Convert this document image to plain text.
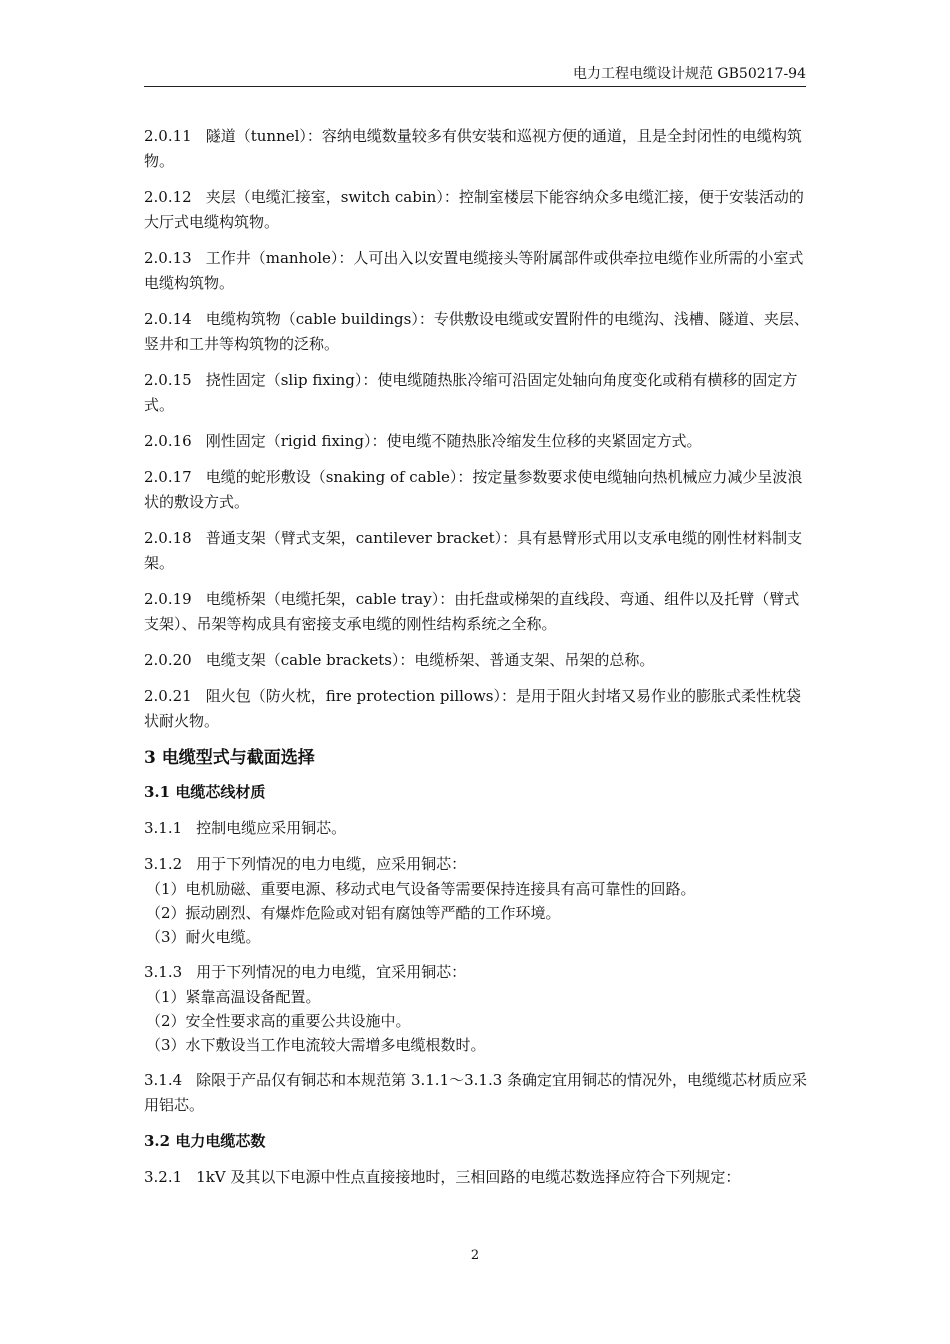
电力工程电缆设计规范 GB50217-94

2.0.11 隧道（tunnel）：容纳电缆数量较多有供安装和巡视方便的通道，且是全封闭性的电缆构筑物。

2.0.12 夹层（电缆汇接室，switch cabin）：控制室楼层下能容纳众多电缆汇接，便于安装活动的大厅式电缆构筑物。

2.0.13 工作井（manhole）：人可出入以安置电缆接头等附属部件或供牵拉电缆作业所需的小室式电缆构筑物。

2.0.14 电缆构筑物（cable buildings）：专供敷设电缆或安置附件的电缆沟、浅槽、隧道、夹层、竖井和工井等构筑物的泛称。

2.0.15 挠性固定（slip fixing）：使电缆随热胀冷缩可沿固定处轴向角度变化或稍有横移的固定方式。

2.0.16 刚性固定（rigid fixing）：使电缆不随热胀冷缩发生位移的夹紧固定方式。

2.0.17 电缆的蛇形敷设（snaking of cable）：按定量参数要求使电缆轴向热机械应力减少呈波浪状的敷设方式。

2.0.18 普通支架（臂式支架，cantilever bracket）：具有悬臂形式用以支承电缆的刚性材料制支架。

2.0.19 电缆桥架（电缆托架，cable tray）：由托盘或梯架的直线段、弯通、组件以及托臂（臂式支架）、吊架等构成具有密接支承电缆的刚性结构系统之全称。

2.0.20 电缆支架（cable brackets）：电缆桥架、普通支架、吊架的总称。

2.0.21 阻火包（防火枕，fire protection pillows）：是用于阻火封堵又易作业的膨胀式柔性枕袋状耐火物。

3 电缆型式与截面选择
3.1 电缆芯线材质

3.1.1 控制电缆应采用铜芯。

3.1.2 用于下列情况的电力电缆，应采用铜芯：

（1）电机励磁、重要电源、移动式电气设备等需要保持连接具有高可靠性的回路。

（2）振动剧烈、有爆炸危险或对铝有腐蚀等严酷的工作环境。

（3）耐火电缆。

3.1.3 用于下列情况的电力电缆，宜采用铜芯：

（1）紧靠高温设备配置。

（2）安全性要求高的重要公共设施中。

（3）水下敷设当工作电流较大需增多电缆根数时。

3.1.4 除限于产品仅有铜芯和本规范第 3.1.1～3.1.3 条确定宜用铜芯的情况外，电缆缆芯材质应采用铝芯。

3.2 电力电缆芯数

3.2.1 1kV 及其以下电源中性点直接接地时，三相回路的电缆芯数选择应符合下列规定：

2
